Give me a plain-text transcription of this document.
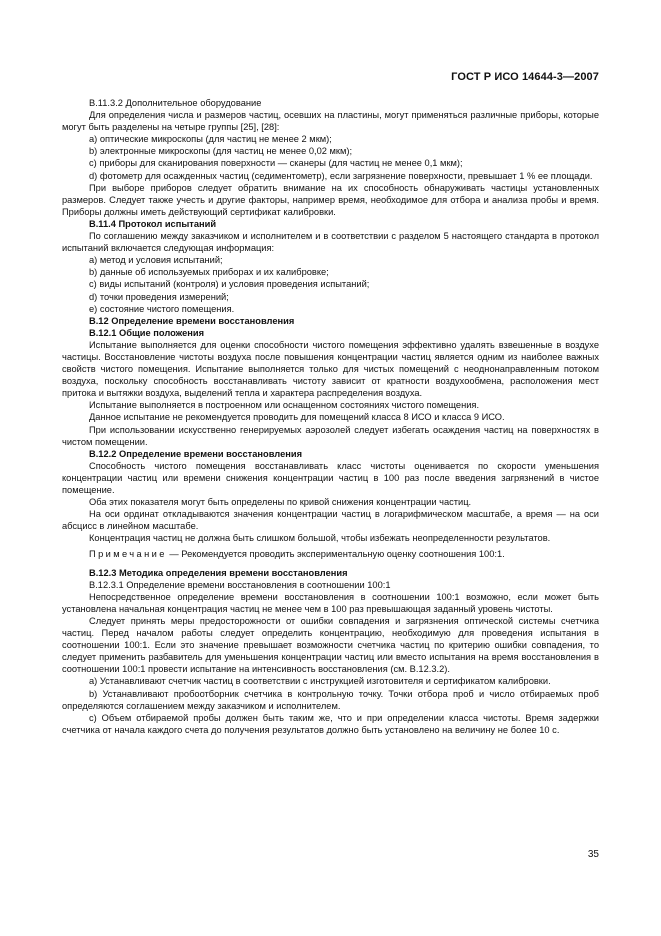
ГОСТ Р ИСО 14644-3—2007

B.11.3.2 Дополнительное оборудование

Для определения числа и размеров частиц, осевших на пластины, могут применяться различные приборы, которые могут быть разделены на четыре группы [25], [28]:

a) оптические микроскопы (для частиц не менее 2 мкм);

b) электронные микроскопы (для частиц не менее 0,02 мкм);

c) приборы для сканирования поверхности — сканеры (для частиц не менее 0,1 мкм);

d) фотометр для осажденных частиц (седиментометр), если загрязнение поверхности, превышает 1 % ее площади.

При выборе приборов следует обратить внимание на их способность обнаруживать частицы установленных размеров. Следует также учесть и другие факторы, например время, необходимое для отбора и анализа пробы и время. Приборы должны иметь действующий сертификат калибровки.

B.11.4 Протокол испытаний

По соглашению между заказчиком и исполнителем и в соответствии с разделом 5 настоящего стандарта в протокол испытаний включается следующая информация:

a) метод и условия испытаний;

b) данные об используемых приборах и их калибровке;

c) виды испытаний (контроля) и условия проведения испытаний;

d) точки проведения измерений;

e) состояние чистого помещения.

B.12 Определение времени восстановления

B.12.1 Общие положения

Испытание выполняется для оценки способности чистого помещения эффективно удалять взвешенные в воздухе частицы. Восстановление чистоты воздуха после повышения концентрации частиц является одним из наиболее важных свойств чистого помещения. Испытание выполняется только для чистых помещений с неоднонаправленным потоком воздуха, поскольку способность восстанавливать чистоту зависит от кратности воздухообмена, расположения мест притока и вытяжки воздуха, выделений тепла и характера распределения воздуха.

Испытание выполняется в построенном или оснащенном состояниях чистого помещения.

Данное испытание не рекомендуется проводить для помещений класса 8 ИСО и класса 9 ИСО.

При использовании искусственно генерируемых аэрозолей следует избегать осаждения частиц на поверхностях в чистом помещении.

B.12.2 Определение времени восстановления

Способность чистого помещения восстанавливать класс чистоты оценивается по скорости уменьшения концентрации частиц или времени снижения концентрации частиц в 100 раз после введения загрязнений в чистое помещение.

Оба этих показателя могут быть определены по кривой снижения концентрации частиц.

На оси ординат откладываются значения концентрации частиц в логарифмическом масштабе, а время — на оси абсцисс в линейном масштабе.

Концентрация частиц не должна быть слишком большой, чтобы избежать неопределенности результатов.

Примечание — Рекомендуется проводить экспериментальную оценку соотношения 100:1.

B.12.3 Методика определения времени восстановления

B.12.3.1 Определение времени восстановления в соотношении 100:1

Непосредственное определение времени восстановления в соотношении 100:1 возможно, если может быть установлена начальная концентрация частиц не менее чем в 100 раз превышающая заданный уровень чистоты.

Следует принять меры предосторожности от ошибки совпадения и загрязнения оптической системы счетчика частиц. Перед началом работы следует определить концентрацию, необходимую для проведения испытания в соотношении 100:1. Если это значение превышает возможности счетчика частиц по критерию ошибки совпадения, то следует применить разбавитель для уменьшения концентрации частиц или вместо испытания на время восстановления в соотношении 100:1 провести испытание на интенсивность восстановления (см. B.12.3.2).

a) Устанавливают счетчик частиц в соответствии с инструкцией изготовителя и сертификатом калибровки.

b) Устанавливают пробоотборник счетчика в контрольную точку. Точки отбора проб и число отбираемых проб определяются соглашением между заказчиком и исполнителем.

c) Объем отбираемой пробы должен быть таким же, что и при определении класса чистоты. Время задержки счетчика от начала каждого счета до получения результатов должно быть установлено на величину не более 10 с.

35
